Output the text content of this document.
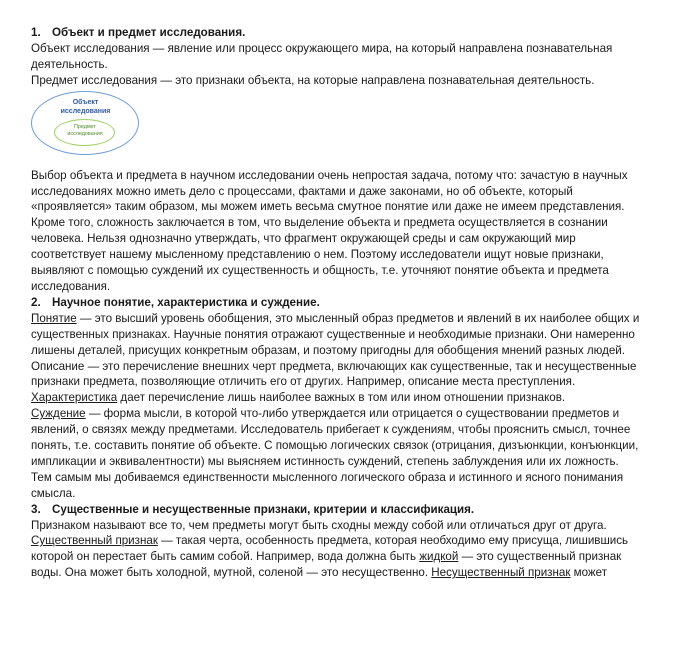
1. Объект и предмет исследования.

Объект исследования — явление или процесс окружающего мира, на который направлена познавательная деятельность.

Предмет исследования — это признаки объекта, на которые направлена познавательная деятельность.

Объект
исследования
Предмет
исследования

Выбор объекта и предмета в научном исследовании очень непростая задача, потому что: зачастую в научных исследованиях можно иметь дело с процессами, фактами и даже законами, но об объекте, который «проявляется» таким образом, мы можем иметь весьма смутное понятие или даже не имеем представления. Кроме того, сложность заключается в том, что выделение объекта и предмета осуществляется в сознании человека. Нельзя однозначно утверждать, что фрагмент окружающей среды и сам окружающий мир соответствует нашему мысленному представлению о нем. Поэтому исследователи ищут новые признаки, выявляют с помощью суждений их существенность и общность, т.е. уточняют понятие объекта и предмета исследования.

2. Научное понятие, характеристика и суждение.

Понятие — это высший уровень обобщения, это мысленный образ предметов и явлений в их наиболее общих и существенных признаках. Научные понятия отражают существенные и необходимые признаки. Они намеренно лишены деталей, присущих конкретным образам, и поэтому пригодны для обобщения мнений разных людей.

Описание — это перечисление внешних черт предмета, включающих как существенные, так и несущественные признаки предмета, позволяющие отличить его от других. Например, описание места преступления. Характеристика дает перечисление лишь наиболее важных в том или ином отношении признаков.

Суждение — форма мысли, в которой что-либо утверждается или отрицается о существовании предметов и явлений, о связях между предметами. Исследователь прибегает к суждениям, чтобы прояснить смысл, точнее понять, т.е. составить понятие об объекте. С помощью логических связок (отрицания, дизъюнкции, конъюнкции, импликации и эквивалентности) мы выясняем истинность суждений, степень заблуждения или их ложность. Тем самым мы добиваемся единственности мысленного логического образа и истинного и ясного понимания смысла.

3. Существенные и несущественные признаки, критерии и классификация.

Признаком называют все то, чем предметы могут быть сходны между собой или отличаться друг от друга.

Существенный признак — такая черта, особенность предмета, которая необходимо ему присуща, лишившись которой он перестает быть самим собой. Например, вода должна быть жидкой — это существенный признак воды. Она может быть холодной, мутной, соленой — это несущественно. Несущественный признак может
